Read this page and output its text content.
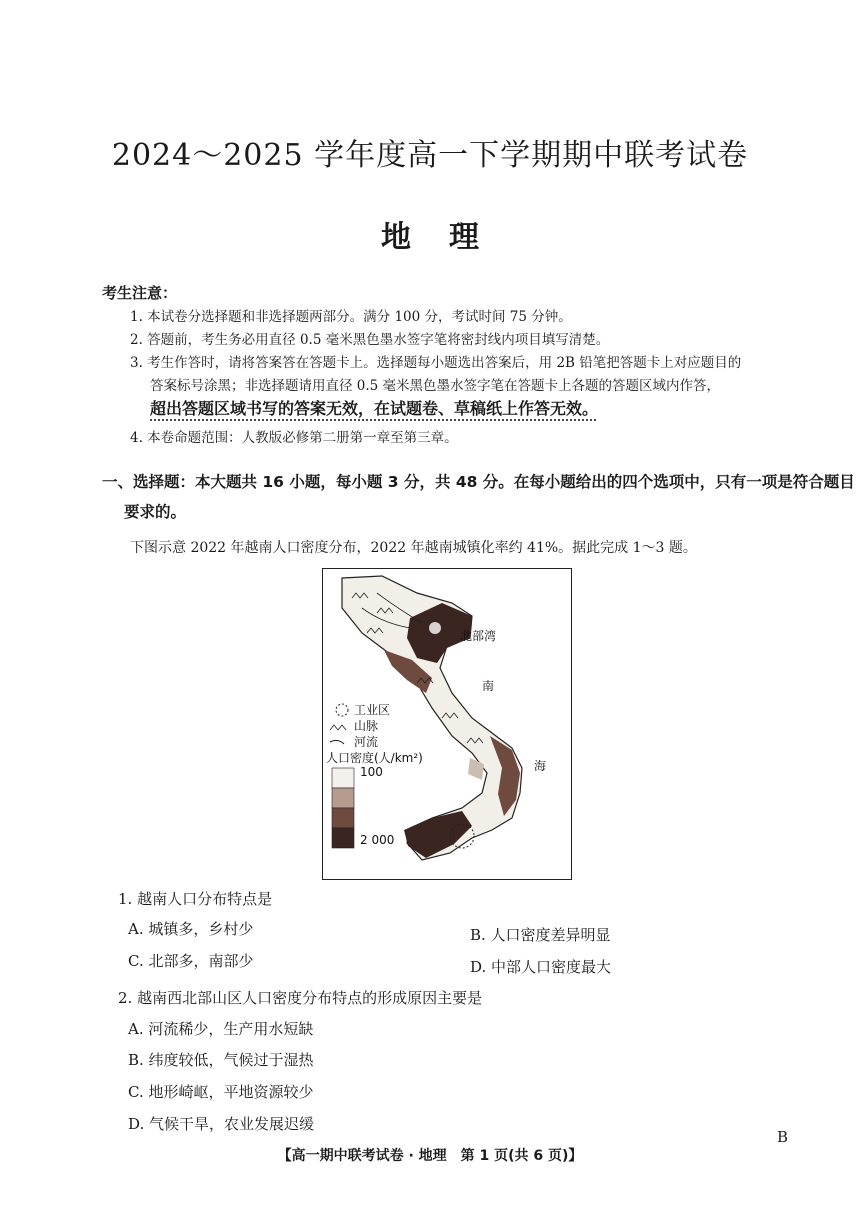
2024～2025 学年度高一下学期期中联考试卷
地理
考生注意：
1. 本试卷分选择题和非选择题两部分。满分 100 分，考试时间 75 分钟。
2. 答题前，考生务必用直径 0.5 毫米黑色墨水签字笔将密封线内项目填写清楚。
3. 考生作答时，请将答案答在答题卡上。选择题每小题选出答案后，用 2B 铅笔把答题卡上对应题目的
答案标号涂黑；非选择题请用直径 0.5 毫米黑色墨水签字笔在答题卡上各题的答题区域内作答，
超出答题区域书写的答案无效，在试题卷、草稿纸上作答无效。
4. 本卷命题范围：人教版必修第二册第一章至第三章。
一、选择题：本大题共 16 小题，每小题 3 分，共 48 分。在每小题给出的四个选项中，只有一项是符合题目
要求的。
下图示意 2022 年越南人口密度分布，2022 年越南城镇化率约 41%。据此完成 1～3 题。
北部湾
南
海
工业区
山脉
河流
人口密度(人/km²)
100
2 000
1. 越南人口分布特点是
A. 城镇多，乡村少	B. 人口密度差异明显
C. 北部多，南部少	D. 中部人口密度最大
2. 越南西北部山区人口密度分布特点的形成原因主要是
A. 河流稀少，生产用水短缺
B. 纬度较低，气候过于湿热
C. 地形崎岖，平地资源较少
D. 气候干旱，农业发展迟缓
B
【高一期中联考试卷 · 地理　第 1 页(共 6 页)】
